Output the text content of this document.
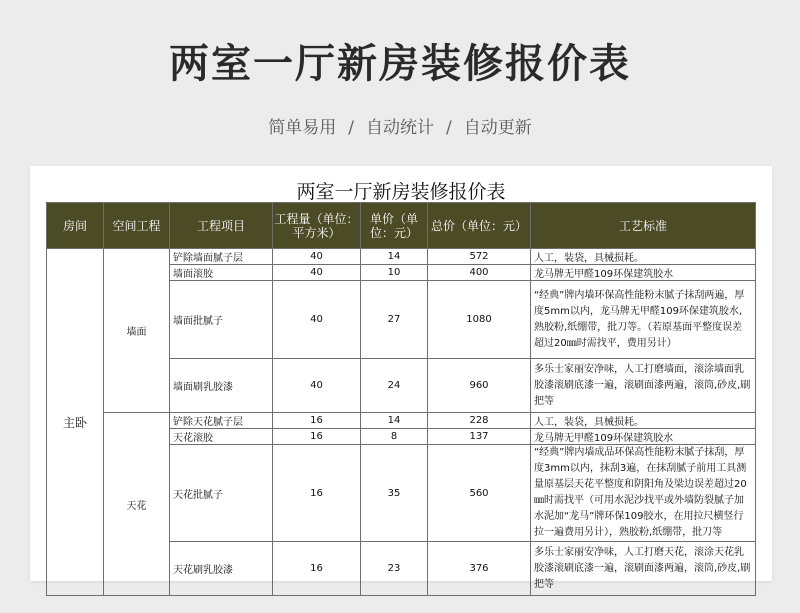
两室一厅新房装修报价表
简单易用 / 自动统计 / 自动更新
两室一厅新房装修报价表
房间	空间工程	工程项目	工程量（单位：平方米）	单价（单位：元）	总价（单位：元）	工艺标准
主卧	墙面	铲除墙面腻子层	40	14	572	人工，装袋，具械损耗。
		墙面滚胶	40	10	400	龙马牌无甲醛109环保建筑胶水
		墙面批腻子	40	27	1080	“经典”牌内墙环保高性能粉末腻子抹刮两遍，厚度5mm以内，龙马牌无甲醛109环保建筑胶水,熟胶粉,纸绷带，批刀等。（若原基面平整度误差超过20㎜时需找平，费用另计）
		墙面刷乳胶漆	40	24	960	多乐士家丽安净味，人工打磨墙面，滚涂墙面乳胶漆滚刷底漆一遍，滚刷面漆两遍，滚筒,砂皮,刷把等
	天花	铲除天花腻子层	16	14	228	人工，装袋，具械损耗。
		天花滚胶	16	8	137	龙马牌无甲醛109环保建筑胶水
		天花批腻子	16	35	560	“经典”牌内墙成品环保高性能粉末腻子抹刮，厚度3mm以内，抹刮3遍，在抹刮腻子前用工具测量原基层天花平整度和阴阳角及梁边误差超过20㎜时需找平（可用水泥沙找平或外墙防裂腻子加水泥加“龙马”牌环保109胶水，在用拉尺横竖行拉一遍费用另计），熟胶粉,纸绷带，批刀等

		天花刷乳胶漆	16	23	376	多乐士家丽安净味，人工打磨天花，滚涂天花乳胶漆滚刷底漆一遍，滚刷面漆两遍，滚筒,砂皮,刷把等
